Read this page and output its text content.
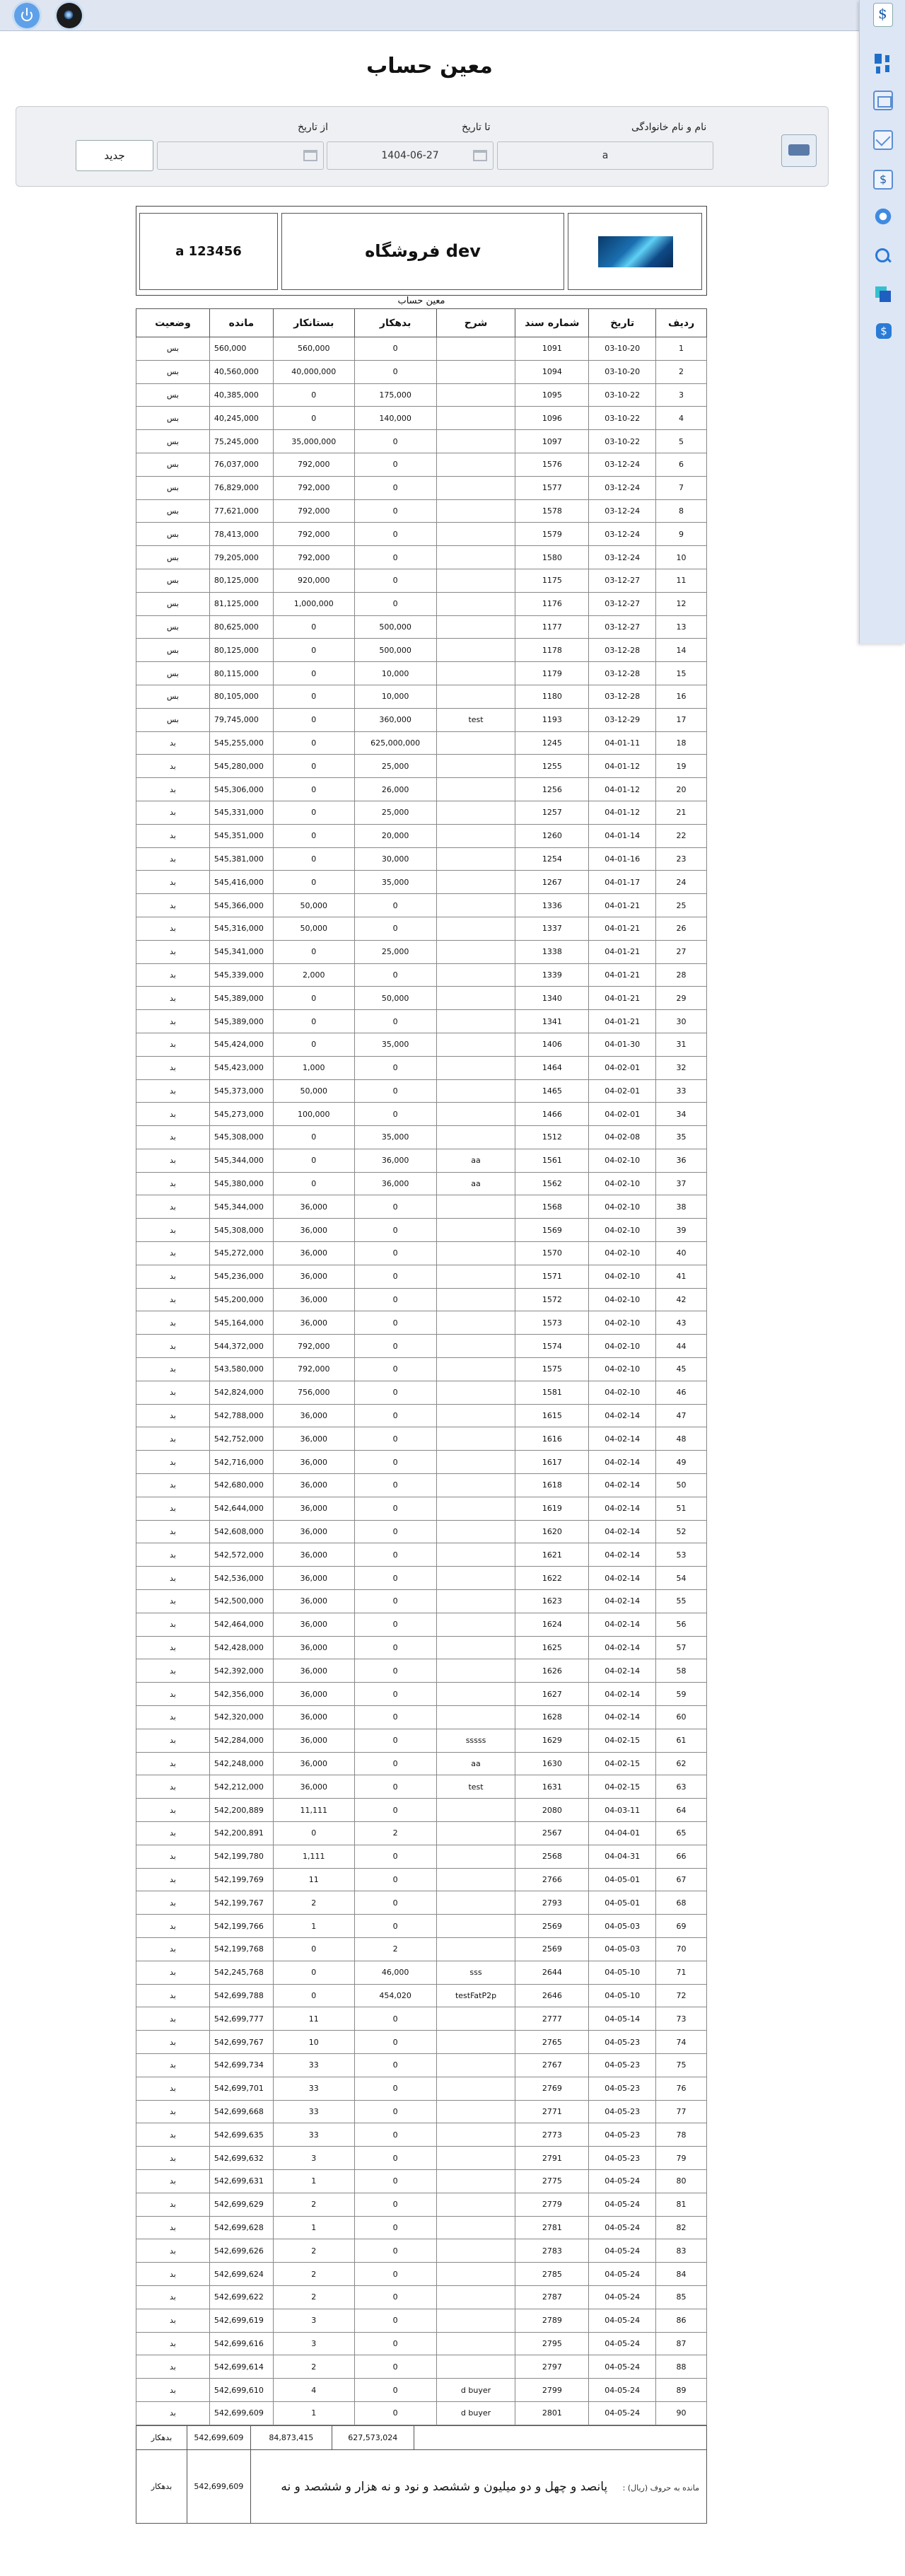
$
$
$
معین حساب
نام و نام خانوادگی
a
تا تاریخ
1404-06-27
از تاریخ
جدید
فروشگاه dev
a 123456
معین حساب
ردیف	تاریخ	شماره سند	شرح	بدهکار	بستانکار	مانده	وضعیت
1	03-10-20	1091		0	560,000	560,000	بس
2	03-10-20	1094		0	40,000,000	40,560,000	بس
3	03-10-22	1095		175,000	0	40,385,000	بس
4	03-10-22	1096		140,000	0	40,245,000	بس
5	03-10-22	1097		0	35,000,000	75,245,000	بس
6	03-12-24	1576		0	792,000	76,037,000	بس
7	03-12-24	1577		0	792,000	76,829,000	بس
8	03-12-24	1578		0	792,000	77,621,000	بس
9	03-12-24	1579		0	792,000	78,413,000	بس
10	03-12-24	1580		0	792,000	79,205,000	بس
11	03-12-27	1175		0	920,000	80,125,000	بس
12	03-12-27	1176		0	1,000,000	81,125,000	بس
13	03-12-27	1177		500,000	0	80,625,000	بس
14	03-12-28	1178		500,000	0	80,125,000	بس
15	03-12-28	1179		10,000	0	80,115,000	بس
16	03-12-28	1180		10,000	0	80,105,000	بس
17	03-12-29	1193	test	360,000	0	79,745,000	بس
18	04-01-11	1245		625,000,000	0	545,255,000	بد
19	04-01-12	1255		25,000	0	545,280,000	بد
20	04-01-12	1256		26,000	0	545,306,000	بد
21	04-01-12	1257		25,000	0	545,331,000	بد
22	04-01-14	1260		20,000	0	545,351,000	بد
23	04-01-16	1254		30,000	0	545,381,000	بد
24	04-01-17	1267		35,000	0	545,416,000	بد
25	04-01-21	1336		0	50,000	545,366,000	بد
26	04-01-21	1337		0	50,000	545,316,000	بد
27	04-01-21	1338		25,000	0	545,341,000	بد
28	04-01-21	1339		0	2,000	545,339,000	بد
29	04-01-21	1340		50,000	0	545,389,000	بد
30	04-01-21	1341		0	0	545,389,000	بد
31	04-01-30	1406		35,000	0	545,424,000	بد
32	04-02-01	1464		0	1,000	545,423,000	بد
33	04-02-01	1465		0	50,000	545,373,000	بد
34	04-02-01	1466		0	100,000	545,273,000	بد
35	04-02-08	1512		35,000	0	545,308,000	بد
36	04-02-10	1561	aa	36,000	0	545,344,000	بد
37	04-02-10	1562	aa	36,000	0	545,380,000	بد
38	04-02-10	1568		0	36,000	545,344,000	بد
39	04-02-10	1569		0	36,000	545,308,000	بد
40	04-02-10	1570		0	36,000	545,272,000	بد
41	04-02-10	1571		0	36,000	545,236,000	بد
42	04-02-10	1572		0	36,000	545,200,000	بد
43	04-02-10	1573		0	36,000	545,164,000	بد
44	04-02-10	1574		0	792,000	544,372,000	بد
45	04-02-10	1575		0	792,000	543,580,000	بد
46	04-02-10	1581		0	756,000	542,824,000	بد
47	04-02-14	1615		0	36,000	542,788,000	بد
48	04-02-14	1616		0	36,000	542,752,000	بد
49	04-02-14	1617		0	36,000	542,716,000	بد
50	04-02-14	1618		0	36,000	542,680,000	بد
51	04-02-14	1619		0	36,000	542,644,000	بد
52	04-02-14	1620		0	36,000	542,608,000	بد
53	04-02-14	1621		0	36,000	542,572,000	بد
54	04-02-14	1622		0	36,000	542,536,000	بد
55	04-02-14	1623		0	36,000	542,500,000	بد
56	04-02-14	1624		0	36,000	542,464,000	بد
57	04-02-14	1625		0	36,000	542,428,000	بد
58	04-02-14	1626		0	36,000	542,392,000	بد
59	04-02-14	1627		0	36,000	542,356,000	بد
60	04-02-14	1628		0	36,000	542,320,000	بد
61	04-02-15	1629	sssss	0	36,000	542,284,000	بد
62	04-02-15	1630	aa	0	36,000	542,248,000	بد
63	04-02-15	1631	test	0	36,000	542,212,000	بد
64	04-03-11	2080		0	11,111	542,200,889	بد
65	04-04-01	2567		2	0	542,200,891	بد
66	04-04-31	2568		0	1,111	542,199,780	بد
67	04-05-01	2766		0	11	542,199,769	بد
68	04-05-01	2793		0	2	542,199,767	بد
69	04-05-03	2569		0	1	542,199,766	بد
70	04-05-03	2569		2	0	542,199,768	بد
71	04-05-10	2644	sss	46,000	0	542,245,768	بد
72	04-05-10	2646	testFatP2p	454,020	0	542,699,788	بد
73	04-05-14	2777		0	11	542,699,777	بد
74	04-05-23	2765		0	10	542,699,767	بد
75	04-05-23	2767		0	33	542,699,734	بد
76	04-05-23	2769		0	33	542,699,701	بد
77	04-05-23	2771		0	33	542,699,668	بد
78	04-05-23	2773		0	33	542,699,635	بد
79	04-05-23	2791		0	3	542,699,632	بد
80	04-05-24	2775		0	1	542,699,631	بد
81	04-05-24	2779		0	2	542,699,629	بد
82	04-05-24	2781		0	1	542,699,628	بد
83	04-05-24	2783		0	2	542,699,626	بد
84	04-05-24	2785		0	2	542,699,624	بد
85	04-05-24	2787		0	2	542,699,622	بد
86	04-05-24	2789		0	3	542,699,619	بد
87	04-05-24	2795		0	3	542,699,616	بد
88	04-05-24	2797		0	2	542,699,614	بد
89	04-05-24	2799	d buyer	0	4	542,699,610	بد
90	04-05-24	2801	d buyer	0	1	542,699,609	بد
بدهکار	542,699,609	84,873,415	627,573,024	
بدهکار	542,699,609	مانده به حروف (ریال) : پانصد و چهل و دو میلیون و ششصد و نود و نه هزار و ششصد و نه		
